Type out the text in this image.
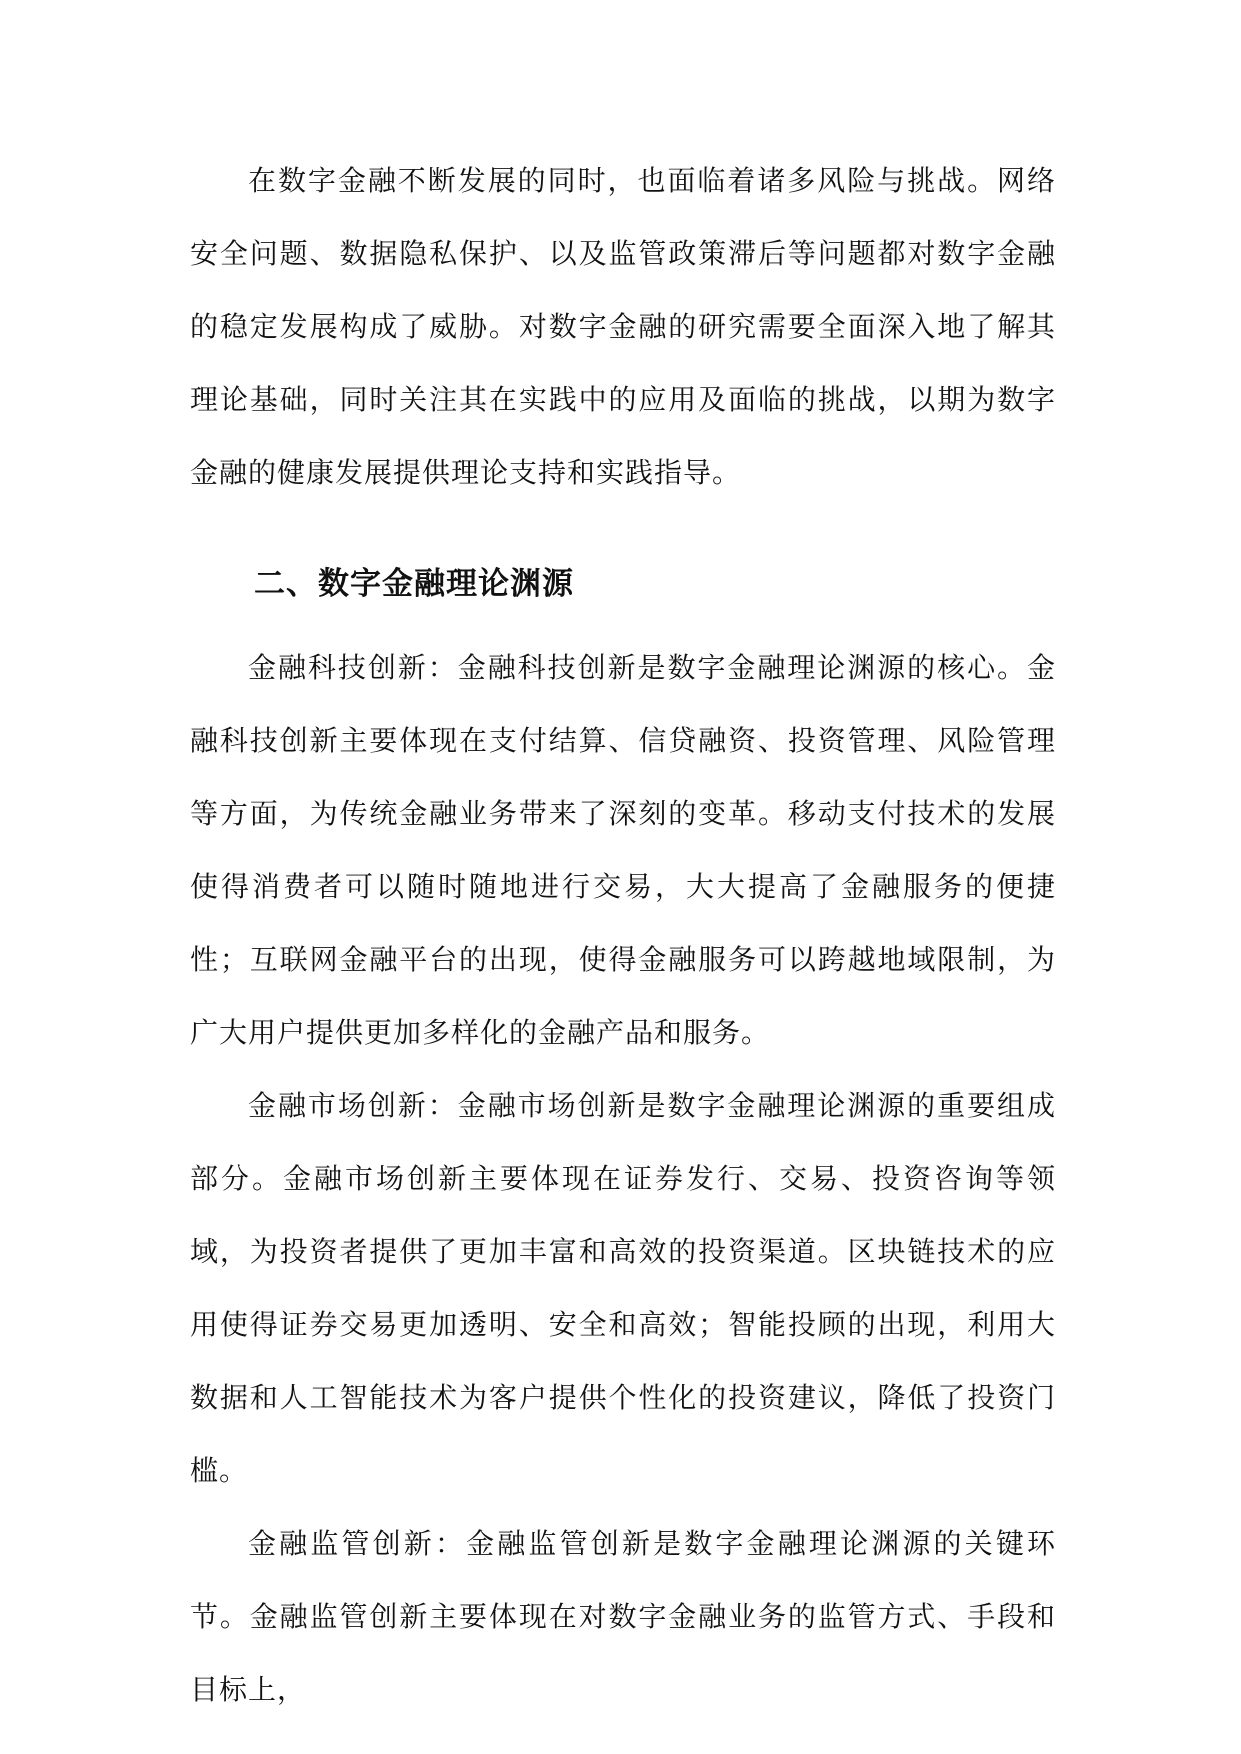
在数字金融不断发展的同时，也面临着诸多风险与挑战。网络安全问题、数据隐私保护、以及监管政策滞后等问题都对数字金融的稳定发展构成了威胁。对数字金融的研究需要全面深入地了解其理论基础，同时关注其在实践中的应用及面临的挑战，以期为数字金融的健康发展提供理论支持和实践指导。

二、数字金融理论渊源

金融科技创新：金融科技创新是数字金融理论渊源的核心。金融科技创新主要体现在支付结算、信贷融资、投资管理、风险管理等方面，为传统金融业务带来了深刻的变革。移动支付技术的发展使得消费者可以随时随地进行交易，大大提高了金融服务的便捷性；互联网金融平台的出现，使得金融服务可以跨越地域限制，为广大用户提供更加多样化的金融产品和服务。

金融市场创新：金融市场创新是数字金融理论渊源的重要组成部分。金融市场创新主要体现在证券发行、交易、投资咨询等领域，为投资者提供了更加丰富和高效的投资渠道。区块链技术的应用使得证券交易更加透明、安全和高效；智能投顾的出现，利用大数据和人工智能技术为客户提供个性化的投资建议，降低了投资门槛。

金融监管创新：金融监管创新是数字金融理论渊源的关键环节。金融监管创新主要体现在对数字金融业务的监管方式、手段和目标上，
